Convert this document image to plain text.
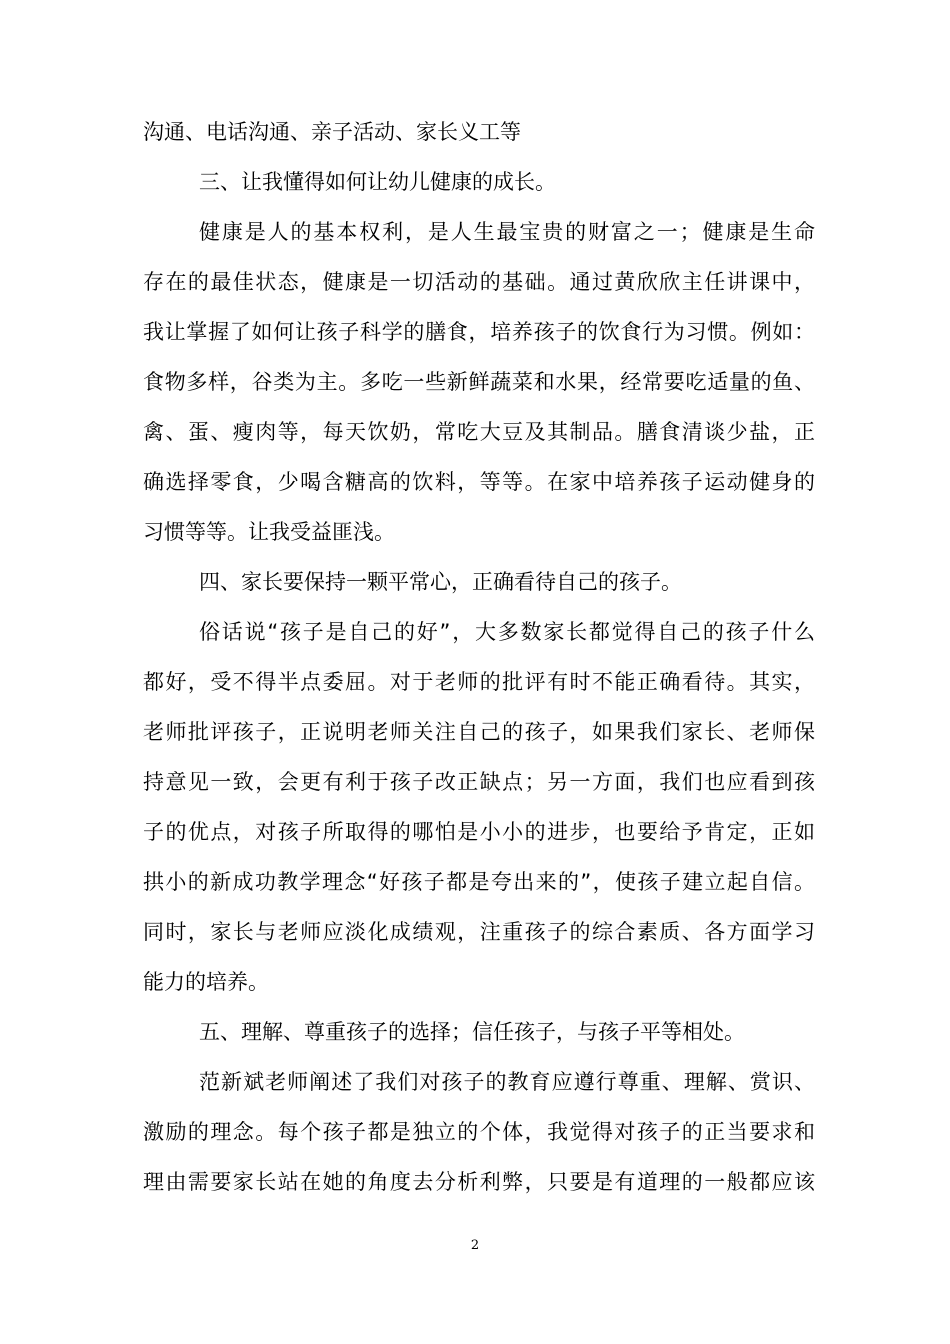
沟通、电话沟通、亲子活动、家长义工等
三、让我懂得如何让幼儿健康的成长。
健康是人的基本权利，是人生最宝贵的财富之一；健康是生命
存在的最佳状态，健康是一切活动的基础。通过黄欣欣主任讲课中，
我让掌握了如何让孩子科学的膳食，培养孩子的饮食行为习惯。例如：
食物多样，谷类为主。多吃一些新鲜蔬菜和水果，经常要吃适量的鱼、
禽、蛋、瘦肉等，每天饮奶，常吃大豆及其制品。膳食清谈少盐，正
确选择零食，少喝含糖高的饮料，等等。在家中培养孩子运动健身的
习惯等等。让我受益匪浅。
四、家长要保持一颗平常心，正确看待自己的孩子。
俗话说“孩子是自己的好”，大多数家长都觉得自己的孩子什么
都好，受不得半点委屈。对于老师的批评有时不能正确看待。其实，
老师批评孩子，正说明老师关注自己的孩子，如果我们家长、老师保
持意见一致，会更有利于孩子改正缺点；另一方面，我们也应看到孩
子的优点，对孩子所取得的哪怕是小小的进步，也要给予肯定，正如
拱小的新成功教学理念“好孩子都是夸出来的”，使孩子建立起自信。
同时，家长与老师应淡化成绩观，注重孩子的综合素质、各方面学习
能力的培养。
五、理解、尊重孩子的选择；信任孩子，与孩子平等相处。
范新斌老师阐述了我们对孩子的教育应遵行尊重、理解、赏识、
激励的理念。每个孩子都是独立的个体，我觉得对孩子的正当要求和
理由需要家长站在她的角度去分析利弊，只要是有道理的一般都应该
2
